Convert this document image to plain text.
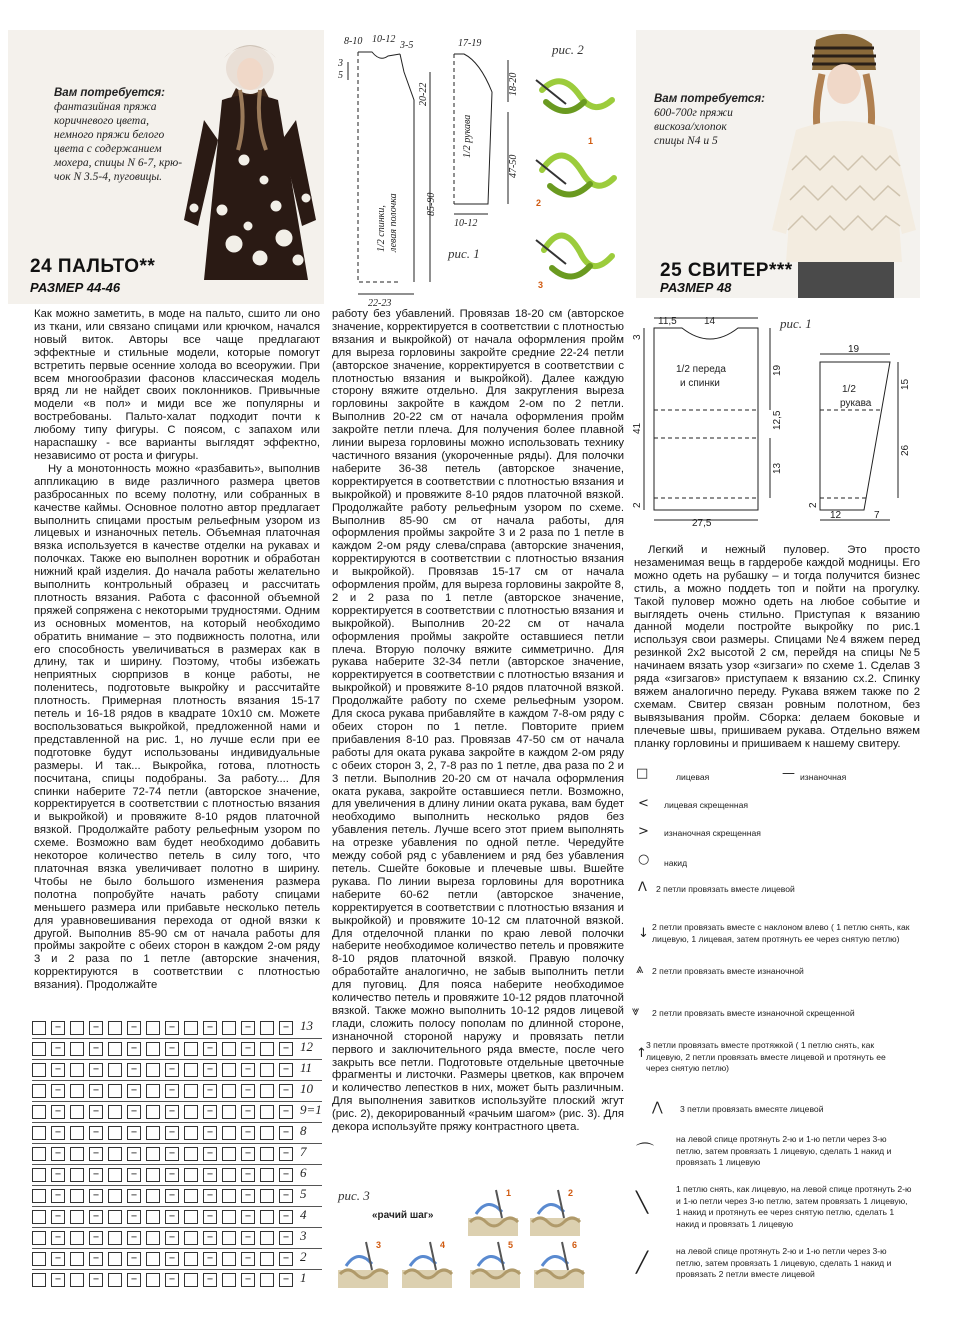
Вам потребуется:
фантазийная пряжа
коричневого цвета,
немного пряжи белого
цвета с содержанием
мохера, спицы N 6-7, крю-
чок N 3.5-4, пуговицы.
24 ПАЛЬТО**
РАЗМЕР 44-46
8-10 10-12
3-5
3
5
20-22
85-90
22-23
17-19
18-20
47-50
10-12
1/2 спинки, левая полочка
1/2 рукава
рис. 1
рис. 2
1
2
3
Вам потребуется:
600-700г пряжи
вискоза/хлопок
спицы N4 и 5
25 СВИТЕР***
РАЗМЕР 48

Как можно заметить, в моде на пальто, сшито ли оно из ткани, или связано спицами или крючком, начался новый виток. Авторы все чаще предлагают эффектные и стильные модели, которые помогут встретить первые осенние холода во всеоружии. При всем многообразии фасонов классическая модель вряд ли не найдет своих поклонников. Привычные модели «в пол» и миди все же популярны и востребованы. Пальто-халат подходит почти к любому типу фигуры. С поясом, с запахом или нараспашку - все варианты выглядят эффектно, независимо от роста и фигуры.

Ну а монотонность можно «разбавить», выполнив аппликацию в виде различного размера цветов разбросанных по всему полотну, или собранных в качестве каймы. Основное полотно автор предлагает выполнить спицами простым рельефным узором из лицевых и изнаночных петель. Объемная платочная вязка используется в качестве отделки на рукавах и полочках. Также ею выполнен воротник и обработан нижний край изделия. До начала работы желательно выполнить контрольный образец и рассчитать плотность вязания. Работа с фасонной объемной пряжей сопряжена с некоторыми трудностями. Одним из основных моментов, на который необходимо обратить внимание – это подвижность полотна, или его способность увеличиваться в размерах как в длину, так и ширину. Поэтому, чтобы избежать неприятных сюрпризов в конце работы, не поленитесь, подготовьте выкройку и рассчитайте плотность. Примерная плотность вязания 15-17 петель и 16-18 рядов в квадрате 10х10 см. Можете воспользоваться выкройкой, предложенной нами и представленной на рис. 1, но лучше если при ее подготовке будут использованы индивидуальные размеры. И так... Выкройка, готова, плотность посчитана, спицы подобраны. За работу.... Для спинки наберите 72-74 петли (авторское значение, корректируется в соответствии с плотностью вязания и выкройкой) и провяжите 8-10 рядов платочной вязкой. Продолжайте работу рельефным узором по схеме. Возможно вам будет необходимо добавить некоторое количество петель в силу того, что платочная вязка увеличивает полотно в ширину. Чтобы не было большого изменения размера полотна попробуйте начать работу спицами меньшего размера или прибавьте несколько петель для уравновешивания перехода от одной вязки к другой. Выполнив 85-90 см от начала работы для проймы закройте с обеих сторон в каждом 2-ом ряду 3 и 2 раза по 1 петле (авторские значения, корректируются в соответствии с плотностью вязания). Продолжайте

работу без убавлений. Провязав 18-20 см (авторское значение, корректируется в соответствии с плотностью вязания и выкройкой) от начала оформления пройм для выреза горловины закройте средние 22-24 петли (авторское значение, корректируется в соответствии с плотностью вязания и выкройкой). Далее каждую сторону вяжите отдельно. Для закругления выреза горловины закройте в каждом 2-ом по 2 петли. Выполнив 20-22 см от начала оформления пройм закройте петли плеча. Для получения более плавной линии выреза горловины можно использовать технику частичного вязания (укороченные ряды). Для полочки наберите 36-38 петель (авторское значение, корректируется в соответствии с плотностью вязания и выкройкой) и провяжите 8-10 рядов платочной вязкой. Продолжайте работу рельефным узором по схеме. Выполнив 85-90 см от начала работы, для оформления проймы закройте 3 и 2 раза по 1 петле в каждом 2-ом ряду слева/справа (авторские значения, корректируются в соответствии с плотностью вязания и выкройкой). Провязав 15-17 см от начала оформления пройм, для выреза горловины закройте 8, 2 и 2 раза по 1 петле (авторское значение, корректируется в соответствии с плотностью вязания и выкройкой). Выполнив 20-22 см от начала оформления проймы закройте оставшиеся петли плеча. Вторую полочку вяжите симметрично. Для рукава наберите 32-34 петли (авторское значение, корректируется в соответствии с плотностью вязания и выкройкой) и провяжите 8-10 рядов платочной вязкой. Продолжайте работу по схеме рельефным узором. Для скоса рукава прибавляйте в каждом 7-8-ом ряду с обеих сторон по 1 петле. Повторите прием прибавления 8-10 раз. Провязав 47-50 см от начала работы для оката рукава закройте в каждом 2-ом ряду с обеих сторон 3, 2, 7-8 раз по 1 петле, два раза по 2 и 3 петли. Выполнив 20-20 см от начала оформления оката рукава, закройте оставшиеся петли. Возможно, для увеличения в длину линии оката рукава, вам будет необходимо выполнить несколько рядов без убавления петель. Лучше всего этот прием выполнять на отрезке убавления по одной петле. Чередуйте между собой ряд с убавлением и ряд без убавления петель. Сшейте боковые и плечевые швы. Вшейте рукава. По линии выреза горловины для воротника наберите 60-62 петли (авторское значение, корректируется в соответствии с плотностью вязания и выкройкой) и провяжите 10-12 см платочной вязкой. Для отделочной планки по краю левой полочки наберите необходимое количество петель и провяжите 8-10 рядов платочной вязкой. Правую полочку обработайте аналогично, не забыв выполнить петли для пуговиц. Для пояса наберите необходимое количество петель и провяжите 10-12 рядов платочной вязкой. Также можно выполнить 10-12 рядов лицевой глади, сложить полосу пополам по длинной стороне, изнаночной стороной наружу и провязать петли первого и заключительного ряда вместе, после чего закрыть все петли. Подготовьте отдельные цветочные фрагменты и листочки. Размеры цветков, как впрочем и количество лепестков в них, может быть различным. Для выполнения завитков используйте плоский жгут (рис. 2), декорированный «рачьим шагом» (рис. 3). Для декора используйте пряжу контрастного цвета.

11,5	14
3
19
41	12,5
13
2
27,5
1/2 переда
и спинки
19
15
26
2
12	7
1/2
рукава
рис. 1

Легкий и нежный пуловер. Это просто незаменимая вещь в гардеробе каждой модницы. Его можно одеть на рубашку – и тогда получится бизнес стиль, а можно поддеть топ и пойти на прогулку. Такой пуловер можно одеть на любое событие и выглядеть очень стильно. Приступая к вязанию данной модели постройте выкройку по рис.1 используя свои размеры. Спицами №4 вяжем перед резинкой 2х2 высотой 2 см, перейдя на спицы №5 начинаем вязать узор «зигзаги» по схеме 1. Сделав 3 ряда «зигзагов» приступаем к вязанию сх.2. Спинку вяжем аналогично переду. Рукава вяжем также по 2 схемам. Свитер связан ровным полотном, без вывязывания пройм. Сборка: делаем боковые и плечевые швы, пришиваем рукава. Отдельно вяжем планку горловины и пришиваем к нашему свитеру.

□	лицевая	— изнаночная
< лицевая скрещенная
> изнаночная скрещенная
○ накид
ᐱ 2 петли провязать вместе лицевой
↓ 2 петли провязать вместе с наклоном влево ( 1 петлю снять, как лицевую, 1 лицевая, затем протянуть ее через снятую петлю)
⩓ 2 петли провязать вместе изнаночной
⩔ 2 петли провязать вместе изнаночной скрещенной
↑
3 петли провязать вместе протяжкой ( 1 петлю снять, как лицевую, 2 петли провязать вместе лицевой и протянуть ее через снятую петлю)
⋀ 3 петли провязать вмесяте лицевой
⌒
на левой спице протянуть 2-ю и 1-ю петли через 3-ю петлю, затем провязать 1 лицевую, сделать 1 накид и провязать 1 лицевую
╲
1 петлю снять, как лицевую, на левой спице протянуть 2-ю и 1-ю петли через 3-ю петлю, затем провязать 1 лицевую, 1 накид и протянуть ее через снятую петлю, сделать 1 накид и провязать 1 лицевую
╱	на левой спице протянуть 2-ю и 1-ю петли через 3-ю петлю, затем провязать 1 лицевую, сделать 1 накид и провязать 2 петли вместе лицевой
−	−	−	−	−	−	− 13
−	−	−	−	−	−	− 12
−	−	−	−	−	−	− 11
−	−	−	−	−	−	− 10
−	−	−	−	−	−	− 9=1
−	−	−	−	−	−	− 8
−	−	−	−	−	−	− 7
−	−	−	−	−	−	− 6
−	−	−	−	−	−	− 5
−	−	−	−	−	−	− 4
−	−	−	−	−	−	− 3
−	−	−	−	−	−	− 2
−	−	−	−	−	−	− 1
рис. 3
«рачий шаг»
1	2
3	4	5	6
